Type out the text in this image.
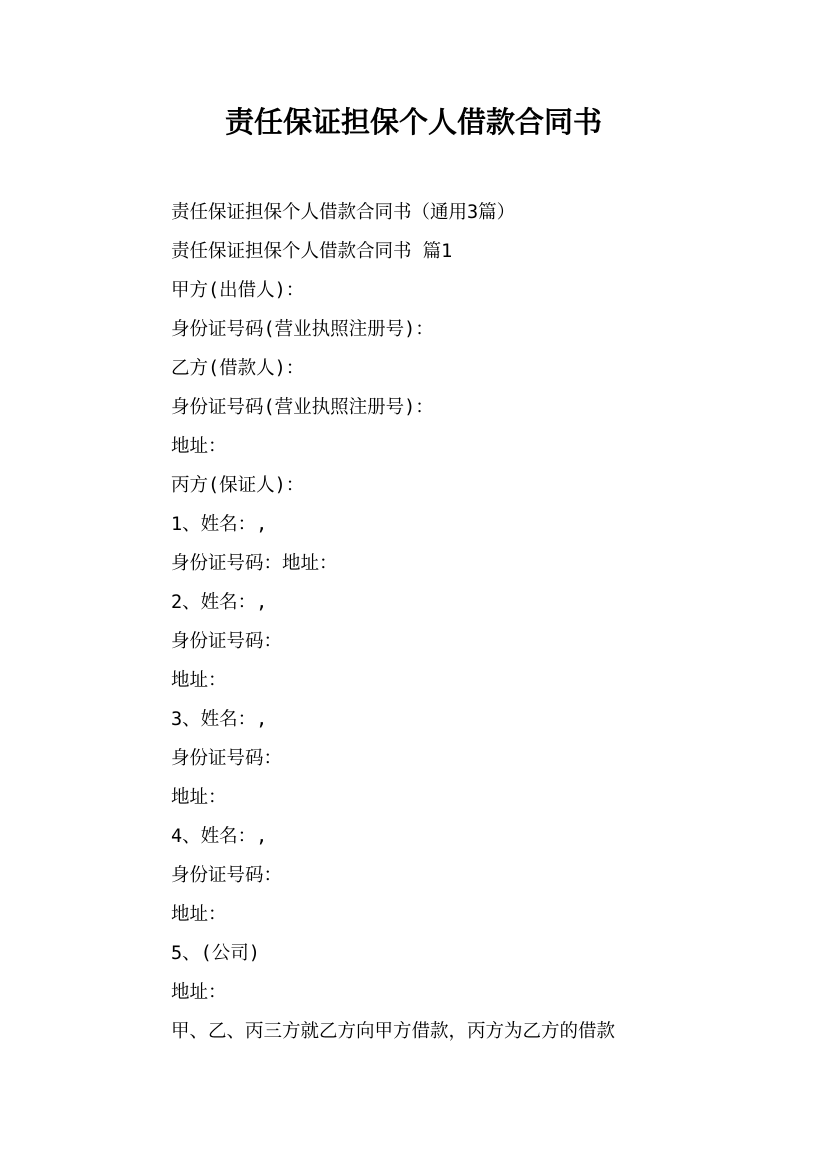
责任保证担保个人借款合同书
责任保证担保个人借款合同书（通用3篇）
责任保证担保个人借款合同书 篇1
甲方(出借人)：
身份证号码(营业执照注册号)：
乙方(借款人)：
身份证号码(营业执照注册号)：
地址：
丙方(保证人)：
1、姓名：,
身份证号码：地址：
2、姓名：,
身份证号码：
地址：
3、姓名：,
身份证号码：
地址：
4、姓名：,
身份证号码：
地址：
5、(公司)
地址：
甲、乙、丙三方就乙方向甲方借款，丙方为乙方的借款
